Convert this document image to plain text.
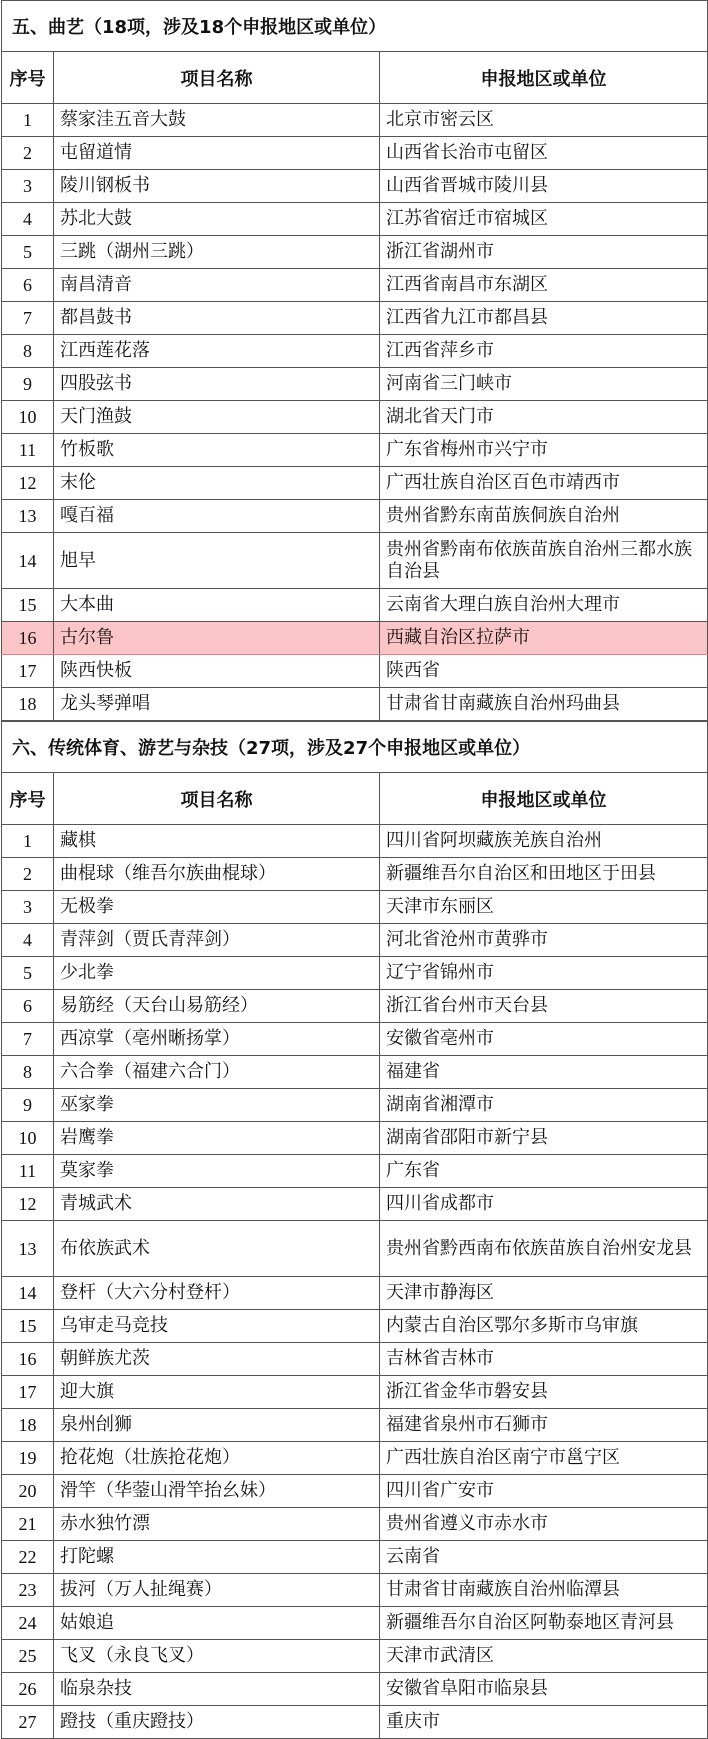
五、曲艺（18项，涉及18个申报地区或单位）		
序号	项目名称	申报地区或单位
1	蔡家洼五音大鼓	北京市密云区
2	屯留道情	山西省长治市屯留区
3	陵川钢板书	山西省晋城市陵川县
4	苏北大鼓	江苏省宿迁市宿城区
5	三跳（湖州三跳）	浙江省湖州市
6	南昌清音	江西省南昌市东湖区
7	都昌鼓书	江西省九江市都昌县
8	江西莲花落	江西省萍乡市
9	四股弦书	河南省三门峡市
10	天门渔鼓	湖北省天门市
11	竹板歌	广东省梅州市兴宁市
12	末伦	广西壮族自治区百色市靖西市
13	嘎百福	贵州省黔东南苗族侗族自治州
14	旭早	贵州省黔南布依族苗族自治州三都水族自治县
15	大本曲	云南省大理白族自治州大理市
16	古尔鲁	西藏自治区拉萨市
17	陕西快板	陕西省
18	龙头琴弹唱	甘肃省甘南藏族自治州玛曲县
六、传统体育、游艺与杂技（27项，涉及27个申报地区或单位）		
序号	项目名称	申报地区或单位
1	藏棋	四川省阿坝藏族羌族自治州
2	曲棍球（维吾尔族曲棍球）	新疆维吾尔自治区和田地区于田县
3	无极拳	天津市东丽区
4	青萍剑（贾氏青萍剑）	河北省沧州市黄骅市
5	少北拳	辽宁省锦州市
6	易筋经（天台山易筋经）	浙江省台州市天台县
7	西凉掌（亳州晰扬掌）	安徽省亳州市
8	六合拳（福建六合门）	福建省
9	巫家拳	湖南省湘潭市
10	岩鹰拳	湖南省邵阳市新宁县
11	莫家拳	广东省
12	青城武术	四川省成都市
13	布依族武术	贵州省黔西南布依族苗族自治州安龙县
14	登杆（大六分村登杆）	天津市静海区
15	乌审走马竞技	内蒙古自治区鄂尔多斯市乌审旗
16	朝鲜族尤茨	吉林省吉林市
17	迎大旗	浙江省金华市磐安县
18	泉州刣狮	福建省泉州市石狮市
19	抢花炮（壮族抢花炮）	广西壮族自治区南宁市邕宁区
20	滑竿（华蓥山滑竿抬幺妹）	四川省广安市
21	赤水独竹漂	贵州省遵义市赤水市
22	打陀螺	云南省
23	拔河（万人扯绳赛）	甘肃省甘南藏族自治州临潭县
24	姑娘追	新疆维吾尔自治区阿勒泰地区青河县
25	飞叉（永良飞叉）	天津市武清区
26	临泉杂技	安徽省阜阳市临泉县
27	蹬技（重庆蹬技）	重庆市
